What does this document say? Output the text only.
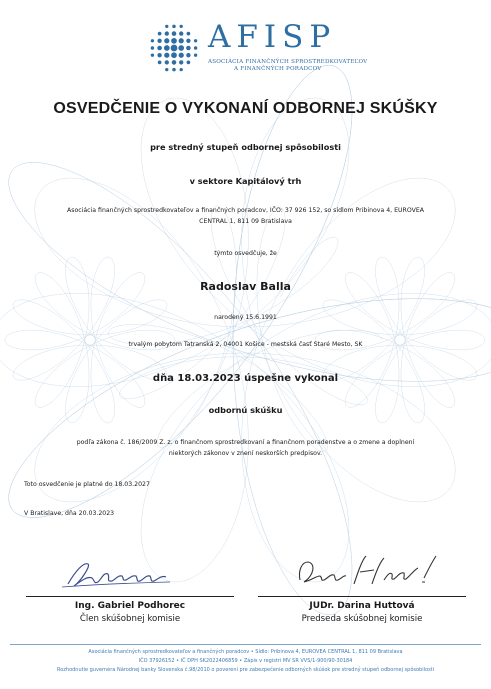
AFISP
ASOCIÁCIA FINANČNÝCH SPROSTREDKOVATEĽOV
A FINANČNÝCH PORADCOV
OSVEDČENIE O VYKONANÍ ODBORNEJ SKÚŠKY
pre stredný stupeň odbornej spôsobilosti
v sektore Kapitálový trh
Asociácia finančných sprostredkovateľov a finančných poradcov, IČO: 37 926 152, so sídlom Pribinova 4, EUROVEA
CENTRAL 1, 811 09 Bratislava
týmto osvedčuje, že
Radoslav Balla
narodený 15.6.1991
trvalým pobytom Tatranská 2, 04001 Košice - mestská časť Staré Mesto, SK
dňa 18.03.2023 úspešne vykonal
odbornú skúšku
podľa zákona č. 186/2009 Z. z. o finančnom sprostredkovaní a finančnom poradenstve a o zmene a doplnení
niektorých zákonov v znení neskorších predpisov.
Toto osvedčenie je platné do 18.03.2027
V Bratislave, dňa 20.03.2023
Ing. Gabriel Podhorec
Člen skúšobnej komisie
JUDr. Darina Huttová
Predseda skúšobnej komisie
Asociácia finančných sprostredkovateľov a finančných poradcov • Sídlo: Pribinova 4, EUROVEA CENTRAL 1, 811 09 Bratislava
IČO 37926152 • IČ DPH SK2022406859 • Zápis v registri MV SR VVS/1-900/90-30184
Rozhodnutie guvernéra Národnej banky Slovenska č.98/2010 o poverení pre zabezpečenie odborných skúšok pre stredný stupeň odbornej spôsobilosti
